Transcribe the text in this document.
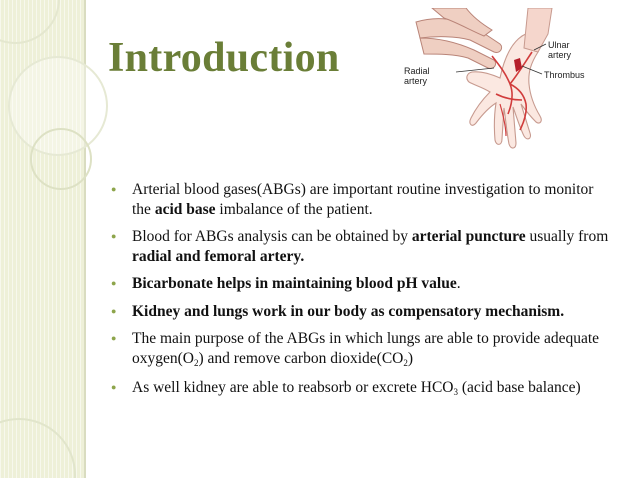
Introduction	Ulnar artery
Thrombus
Radial artery
● Arterial blood gases(ABGs) are important routine investigation to monitor the acid base imbalance of the patient.
● Blood for ABGs analysis can be obtained by arterial puncture usually from radial and femoral artery.
● Bicarbonate helps in maintaining blood pH value.
● Kidney and lungs work in our body as compensatory mechanism.
● The main purpose of the ABGs in which lungs are able to provide adequate oxygen(O2) and remove carbon dioxide(CO2)
● As well kidney are able to reabsorb or excrete HCO3 (acid base balance)
